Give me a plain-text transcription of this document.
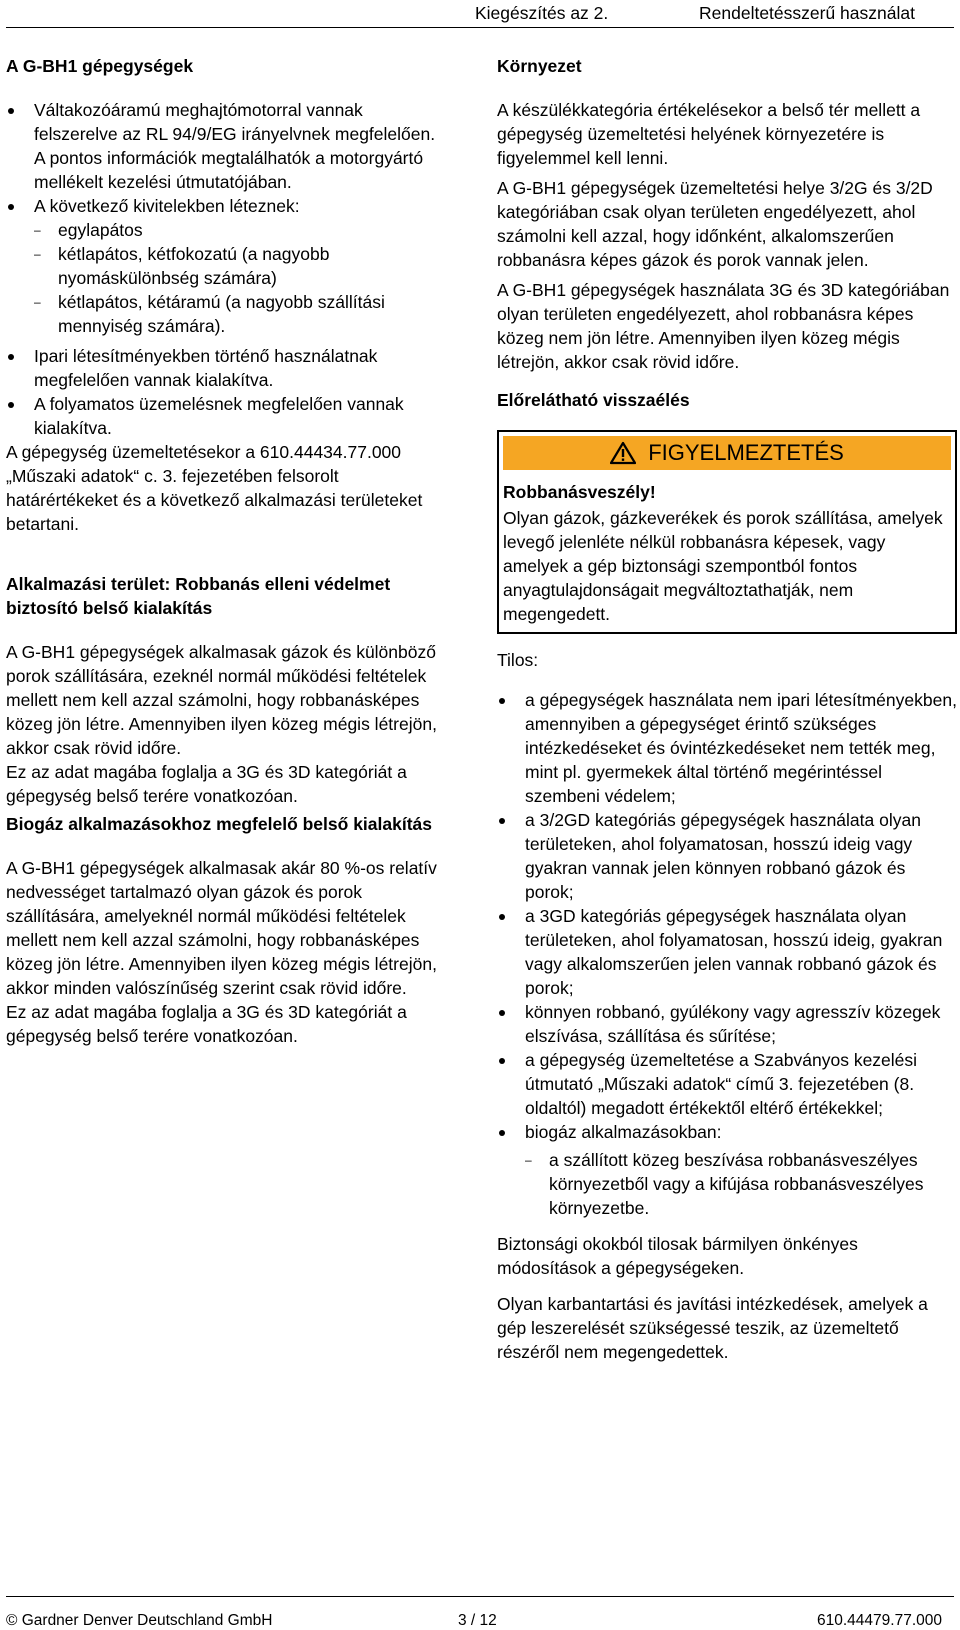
Kiegészítés az 2.	Rendeltetésszerű használat

A G-BH1 gépegységek

Váltakozóáramú meghajtómotorral vannak felszerelve az RL 94/9/EG irányelvnek megfelelően. A pontos információk megtalálhatók a motorgyártó mellékelt kezelési útmutatójában.
A következő kivitelekben léteznek:
– egylapátos
– kétlapátos, kétfokozatú (a nagyobb nyomáskülönbség számára)
– kétlapátos, kétáramú (a nagyobb szállítási mennyiség számára).
Ipari létesítményekben történő használatnak megfelelően vannak kialakítva.
A folyamatos üzemelésnek megfelelően vannak kialakítva.

A gépegység üzemeltetésekor a 610.44434.77.000 „Műszaki adatok“ c. 3. fejezetében felsorolt határértékeket és a következő alkalmazási területeket betartani.

Alkalmazási terület: Robbanás elleni védelmet biztosító belső kialakítás

A G-BH1 gépegységek alkalmasak gázok és különböző porok szállítására, ezeknél normál működési feltételek mellett nem kell azzal számolni, hogy robbanásképes közeg jön létre. Amennyiben ilyen közeg mégis létrejön, akkor csak rövid időre.

Ez az adat magába foglalja a 3G és 3D kategóriát a gépegység belső terére vonatkozóan.

Biogáz alkalmazásokhoz megfelelő belső kialakítás

A G-BH1 gépegységek alkalmasak akár 80 %-os relatív nedvességet tartalmazó olyan gázok és porok szállítására, amelyeknél normál működési feltételek mellett nem kell azzal számolni, hogy robbanásképes közeg jön létre. Amennyiben ilyen közeg mégis létrejön, akkor minden valószínűség szerint csak rövid időre.

Ez az adat magába foglalja a 3G és 3D kategóriát a gépegység belső terére vonatkozóan.

Környezet

A készülékkategória értékelésekor a belső tér mellett a gépegység üzemeltetési helyének környezetére is figyelemmel kell lenni.

A G-BH1 gépegységek üzemeltetési helye 3/2G és 3/2D kategóriában csak olyan területen engedélyezett, ahol számolni kell azzal, hogy időnként, alkalomszerűen robbanásra képes gázok és porok vannak jelen.

A G-BH1 gépegységek használata 3G és 3D kategóriában olyan területen engedélyezett, ahol robbanásra képes közeg nem jön létre. Amennyiben ilyen közeg mégis létrejön, akkor csak rövid időre.

Előrelátható visszaélés

FIGYELMEZTETÉS

Robbanásveszély!

Olyan gázok, gázkeverékek és porok szállítása, amelyek levegő jelenléte nélkül robbanásra képesek, vagy amelyek a gép biztonsági szempontból fontos anyagtulajdonságait megváltoztathatják, nem megengedett.

Tilos:

a gépegységek használata nem ipari létesítményekben, amennyiben a gépegységet érintő szükséges intézkedéseket és óvintézkedéseket nem tették meg, mint pl. gyermekek által történő megérintéssel szembeni védelem;
a 3/2GD kategóriás gépegységek használata olyan területeken, ahol folyamatosan, hosszú ideig vagy gyakran vannak jelen könnyen robbanó gázok és porok;
a 3GD kategóriás gépegységek használata olyan területeken, ahol folyamatosan, hosszú ideig, gyakran vagy alkalomszerűen jelen vannak robbanó gázok és porok;
könnyen robbanó, gyúlékony vagy agresszív közegek elszívása, szállítása és sűrítése;
a gépegység üzemeltetése a Szabványos kezelési útmutató „Műszaki adatok“ című 3. fejezetében (8. oldaltól) megadott értékektől eltérő értékekkel;
biogáz alkalmazásokban:
– a szállított közeg beszívása robbanásveszélyes környezetből vagy a kifújása robbanásveszélyes környezetbe.

Biztonsági okokból tilosak bármilyen önkényes módosítások a gépegységeken.

Olyan karbantartási és javítási intézkedések, amelyek a gép leszerelését szükségessé teszik, az üzemeltető részéről nem megengedettek.

© Gardner Denver Deutschland GmbH	3 / 12	610.44479.77.000
